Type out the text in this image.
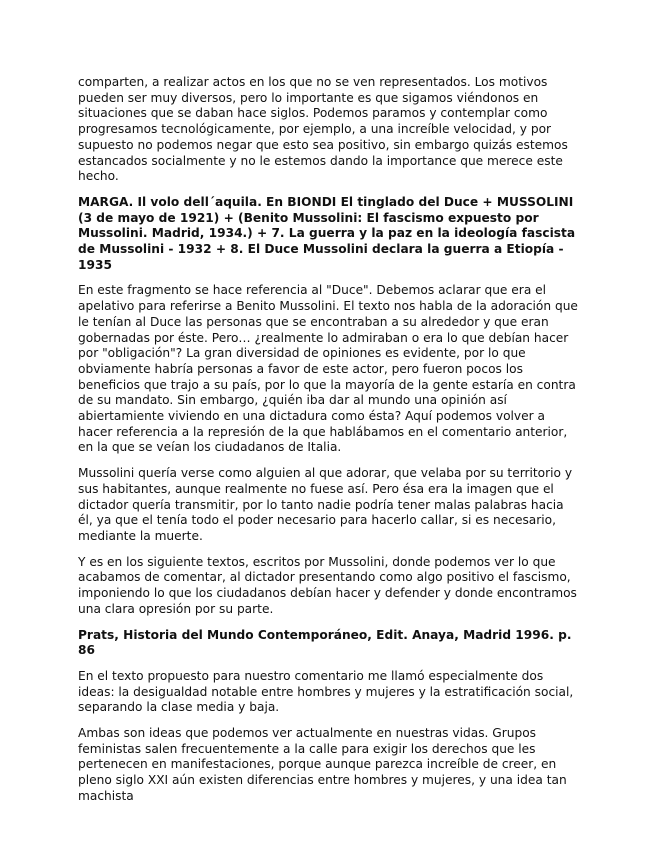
comparten, a realizar actos en los que no se ven representados. Los motivos pueden ser muy diversos, pero lo importante es que sigamos viéndonos en situaciones que se daban hace siglos. Podemos paramos y contemplar como progresamos tecnológicamente, por ejemplo, a una increíble velocidad, y por supuesto no podemos negar que esto sea positivo, sin embargo quizás estemos estancados socialmente y no le estemos dando la importance que merece este hecho.

MARGA. Il volo dell´aquila. En BIONDI El tinglado del Duce + MUSSOLINI (3 de mayo de 1921) + (Benito Mussolini: El fascismo expuesto por Mussolini. Madrid, 1934.) + 7. La guerra y la paz en la ideología fascista de Mussolini - 1932 + 8. El Duce Mussolini declara la guerra a Etiopía - 1935

En este fragmento se hace referencia al "Duce". Debemos aclarar que era el apelativo para referirse a Benito Mussolini. El texto nos habla de la adoración que le tenían al Duce las personas que se encontraban a su alrededor y que eran gobernadas por éste. Pero… ¿realmente lo admiraban o era lo que debían hacer por "obligación"? La gran diversidad de opiniones es evidente, por lo que obviamente habría personas a favor de este actor, pero fueron pocos los beneficios que trajo a su país, por lo que la mayoría de la gente estaría en contra de su mandato. Sin embargo, ¿quién iba dar al mundo una opinión así abiertamiente viviendo en una dictadura como ésta? Aquí podemos volver a hacer referencia a la represión de la que hablábamos en el comentario anterior, en la que se veían los ciudadanos de Italia.

Mussolini quería verse como alguien al que adorar, que velaba por su territorio y sus habitantes, aunque realmente no fuese así. Pero ésa era la imagen que el dictador quería transmitir, por lo tanto nadie podría tener malas palabras hacia él, ya que el tenía todo el poder necesario para hacerlo callar, si es necesario, mediante la muerte.

Y es en los siguiente textos, escritos por Mussolini, donde podemos ver lo que acabamos de comentar, al dictador presentando como algo positivo el fascismo, imponiendo lo que los ciudadanos debían hacer y defender y donde encontramos una clara opresión por su parte.

Prats, Historia del Mundo Contemporáneo, Edit. Anaya, Madrid 1996. p. 86

En el texto propuesto para nuestro comentario me llamó especialmente dos ideas: la desigualdad notable entre hombres y mujeres y la estratificación social, separando la clase media y baja.

Ambas son ideas que podemos ver actualmente en nuestras vidas. Grupos feministas salen frecuentemente a la calle para exigir los derechos que les pertenecen en manifestaciones, porque aunque parezca increíble de creer, en pleno siglo XXI aún existen diferencias entre hombres y mujeres, y una idea tan machista
